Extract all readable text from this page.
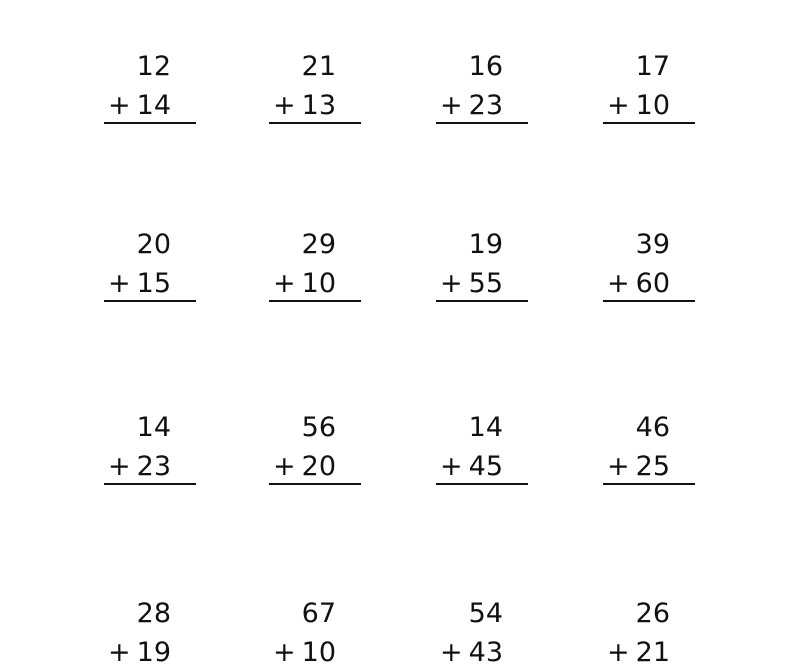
12
+ 14
21
+ 13
16
+ 23
17
+ 10
20
+ 15
29
+ 10
19
+ 55
39
+ 60
14
+ 23
56
+ 20
14
+ 45
46
+ 25
28
+ 19
67
+ 10
54
+ 43
26
+ 21
